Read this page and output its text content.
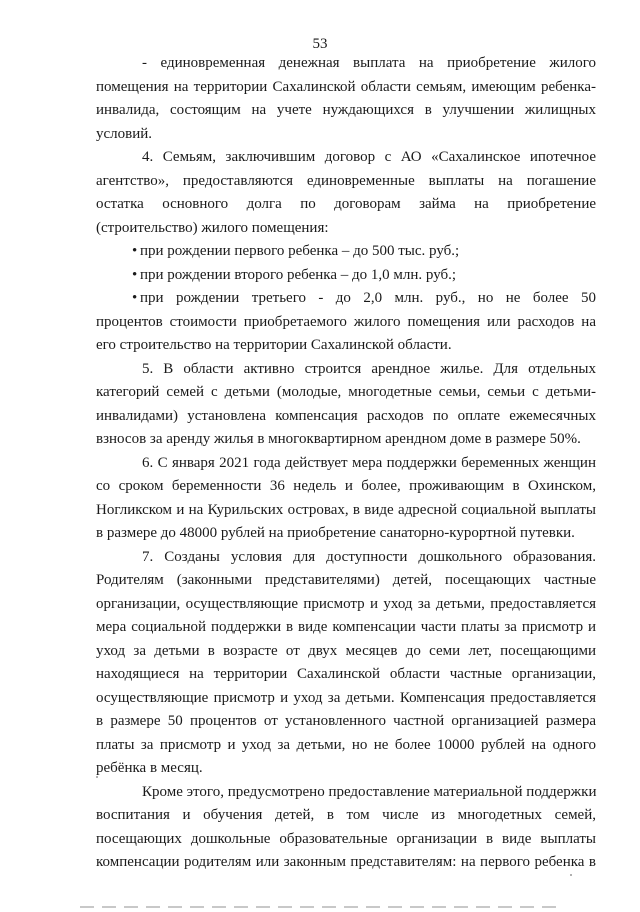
53
- единовременная денежная выплата на приобретение жилого
помещения на территории Сахалинской области семьям, имеющим ребенка-
инвалида, состоящим на учете нуждающихся в улучшении жилищных
условий.
4. Семьям, заключившим договор с АО «Сахалинское ипотечное
агентство», предоставляются единовременные выплаты на погашение
остатка основного долга по договорам займа на приобретение
(строительство) жилого помещения:
• при рождении первого ребенка – до 500 тыс. руб.;
• при рождении второго ребенка – до 1,0 млн. руб.;
• при рождении третьего - до 2,0 млн. руб., но не более 50
процентов стоимости приобретаемого жилого помещения или расходов на
его строительство на территории Сахалинской области.
5. В области активно строится арендное жилье. Для отдельных
категорий семей с детьми (молодые, многодетные семьи, семьи с детьми-
инвалидами) установлена компенсация расходов по оплате ежемесячных
взносов за аренду жилья в многоквартирном арендном доме в размере 50%.
6. С января 2021 года действует мера поддержки беременных женщин
со сроком беременности 36 недель и более, проживающим в Охинском,
Ногликском и на Курильских островах, в виде адресной социальной выплаты
в размере до 48000 рублей на приобретение санаторно-курортной путевки.
7. Созданы условия для доступности дошкольного образования.
Родителям (законными представителями) детей, посещающих частные
организации, осуществляющие присмотр и уход за детьми, предоставляется
мера социальной поддержки в виде компенсации части платы за присмотр и
уход за детьми в возрасте от двух месяцев до семи лет, посещающими
находящиеся на территории Сахалинской области частные организации,
осуществляющие присмотр и уход за детьми. Компенсация предоставляется
в размере 50 процентов от установленного частной организацией размера
платы за присмотр и уход за детьми, но не более 10000 рублей на одного
ребёнка в месяц.
Кроме этого, предусмотрено предоставление материальной поддержки
воспитания и обучения детей, в том числе из многодетных семей,
посещающих дошкольные образовательные организации в виде выплаты
компенсации родителям или законным представителям: на первого ребенка в
